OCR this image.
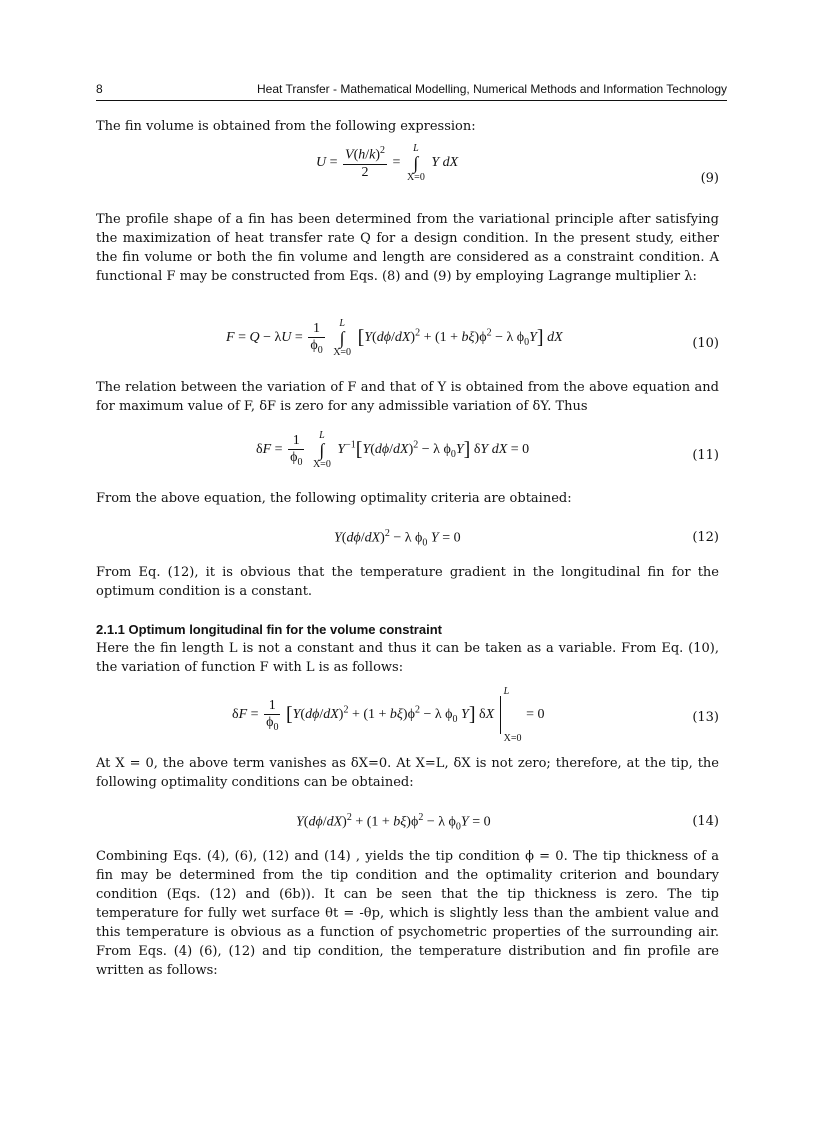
8	Heat Transfer - Mathematical Modelling, Numerical Methods and Information Technology

The fin volume is obtained from the following expression:

$U = \frac{V(h/k)^2}{2} = L$
∫
X=0 Y dX
(9)

The profile shape of a fin has been determined from the variational principle after satisfying the maximization of heat transfer rate Q for a design condition. In the present study, either the fin volume or both the fin volume and length are considered as a constraint condition. A functional F may be constructed from Eqs. (8) and (9) by employing Lagrange multiplier λ:

$F = Q - \lambda U = \frac{1}{\phi_0}$ L
∫
X=0 [$Y(d\phi/dX)^2 + (1 + b\xi)\phi^2 - \lambda$ $\phi_0Y$] dX	(10)

The relation between the variation of F and that of Y is obtained from the above equation and for maximum value of F, δF is zero for any admissible variation of δY. Thus

$\delta F = \frac{1}{\phi_0}$ L
∫
X=0 $Y^{-1}[Y(d\phi/dX)^2 - \lambda$ $\phi_0Y$] δY dX = 0	(11)

From the above equation, the following optimality criteria are obtained:

$Y(d\phi/dX)^2 - \lambda$ $\phi_0$ Y = 0	(12)

From Eq. (12), it is obvious that the temperature gradient in the longitudinal fin for the optimum condition is a constant.

2.1.1 Optimum longitudinal fin for the volume constraint

Here the fin length L is not a constant and thus it can be taken as a variable. From Eq. (10), the variation of function F with L is as follows:

$\delta F = \frac{1}{\phi_0} [Y(d\phi/dX)^2 + (1 + b\xi)\phi^2 - \lambda$ $\phi_0$ Y] δX
L
X=0
= 0	(13)

At X = 0, the above term vanishes as δX=0. At X=L, δX is not zero; therefore, at the tip, the following optimality conditions can be obtained:

$Y(d\phi/dX)^2 + (1 + b\xi)\phi^2 - \lambda$ $\phi_0Y = 0$	(14)

Combining Eqs. (4), (6), (12) and (14) , yields the tip condition ϕ = 0. The tip thickness of a fin may be determined from the tip condition and the optimality criterion and boundary condition (Eqs. (12) and (6b)). It can be seen that the tip thickness is zero. The tip temperature for fully wet surface θt = -θp, which is slightly less than the ambient value and this temperature is obvious as a function of psychometric properties of the surrounding air. From Eqs. (4) (6), (12) and tip condition, the temperature distribution and fin profile are written as follows:
